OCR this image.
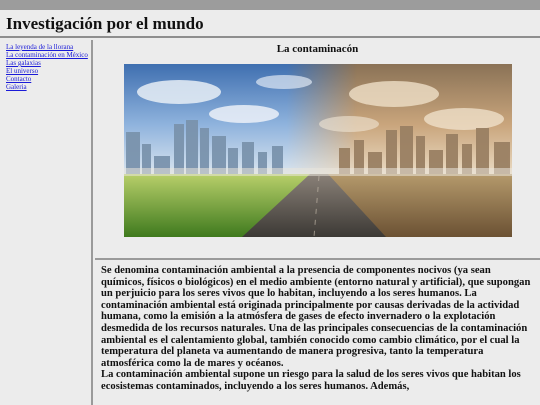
Investigación por el mundo
La leyenda de la llorana
La contaminación en México
Las galaxias
El universo
Contacto
Galeria
La contaminacón

Se denomina contaminación ambiental a la presencia de componentes nocivos (ya sean químicos, físicos o biológicos) en el medio ambiente (entorno natural y artificial), que supongan un perjuicio para los seres vivos que lo habitan, incluyendo a los seres humanos. La contaminación ambiental está originada principalmente por causas derivadas de la actividad humana, como la emisión a la atmósfera de gases de efecto invernadero o la explotación desmedida de los recursos naturales. Una de las principales consecuencias de la contaminación ambiental es el calentamiento global, también conocido como cambio climático, por el cual la temperatura del planeta va aumentando de manera progresiva, tanto la temperatura atmosférica como la de mares y océanos.
La contaminación ambiental supone un riesgo para la salud de los seres vivos que habitan los ecosistemas contaminados, incluyendo a los seres humanos. Además,
